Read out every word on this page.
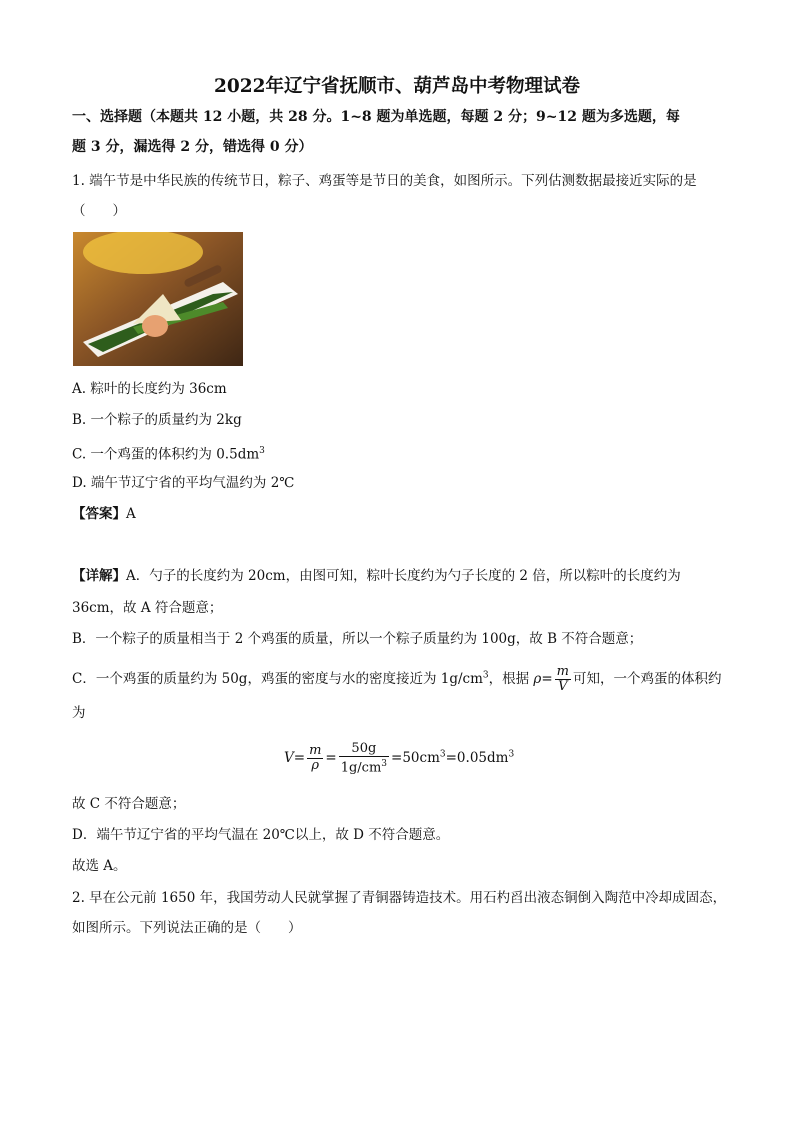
2022年辽宁省抚顺市、葫芦岛中考物理试卷
一、选择题（本题共 12 小题，共 28 分。1~8 题为单选题，每题 2 分；9~12 题为多选题，每
题 3 分，漏选得 2 分，错选得 0 分）
1. 端午节是中华民族的传统节日，粽子、鸡蛋等是节日的美食，如图所示。下列估测数据最接近实际的是
（　　）
A. 粽叶的长度约为 36cm
B. 一个粽子的质量约为 2kg
C. 一个鸡蛋的体积约为 $0.5dm^3$
D. 端午节辽宁省的平均气温约为 2℃
【答案】A
【详解】A．勺子的长度约为 20cm，由图可知，粽叶长度约为勺子长度的 2 倍，所以粽叶的长度约为
36cm，故 A 符合题意；
B．一个粽子的质量相当于 2 个鸡蛋的质量，所以一个粽子质量约为 100g，故 B 不符合题意；
C．一个鸡蛋的质量约为 50g，鸡蛋的密度与水的密度接近为 $1g/cm^3$，根据 $\rho= \frac{m}{V}$ 可知，一个鸡蛋的体积约
为
$V= \frac{m}{\rho} = \frac{50g}{1g/cm^3} =50cm^3=0.05dm^3$
故 C 不符合题意；
D．端午节辽宁省的平均气温在 20℃以上，故 D 不符合题意。
故选 A。
2. 早在公元前 1650 年，我国劳动人民就掌握了青铜器铸造技术。用石杓舀出液态铜倒入陶范中冷却成固态，
如图所示。下列说法正确的是（　　）
